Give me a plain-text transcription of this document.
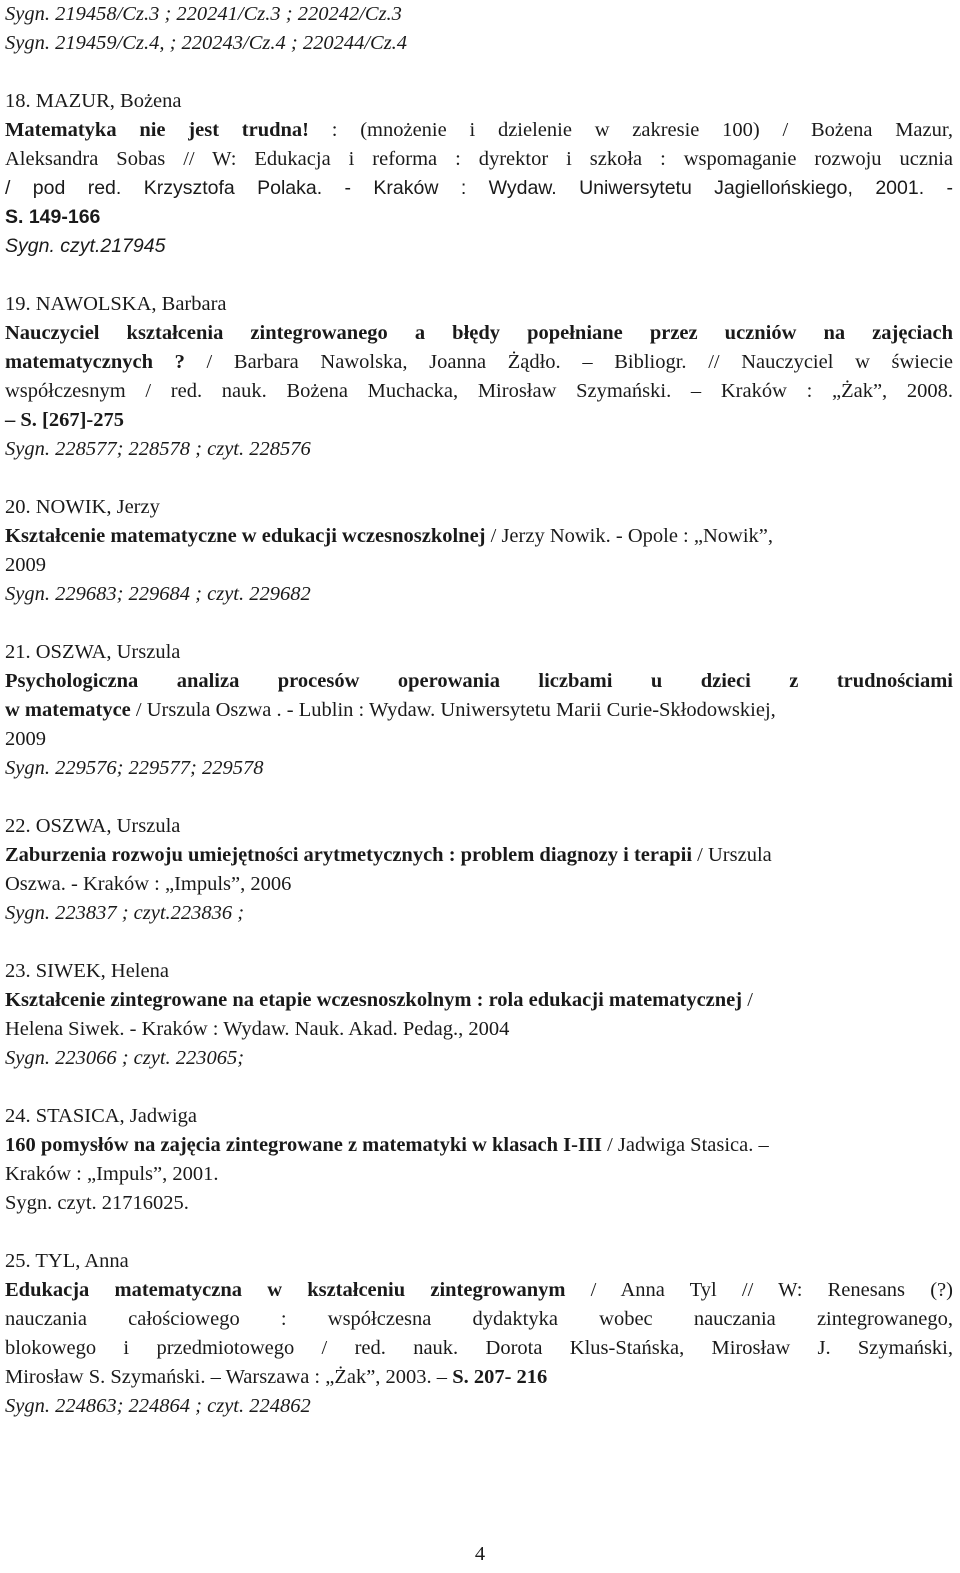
Sygn. 219458/Cz.3 ; 220241/Cz.3 ; 220242/Cz.3
Sygn. 219459/Cz.4, ; 220243/Cz.4 ; 220244/Cz.4
18. MAZUR, Bożena
Matematyka nie jest trudna! : (mnożenie i dzielenie w zakresie 100) / Bożena Mazur,
Aleksandra Sobas // W: Edukacja i reforma : dyrektor i szkoła : wspomaganie rozwoju ucznia
/ pod red. Krzysztofa Polaka. - Kraków : Wydaw. Uniwersytetu Jagiellońskiego, 2001. -
S. 149-166
Sygn. czyt.217945
19. NAWOLSKA, Barbara
Nauczyciel kształcenia zintegrowanego a błędy popełniane przez uczniów na zajęciach
matematycznych ? / Barbara Nawolska, Joanna Żądło. – Bibliogr. // Nauczyciel w świecie
współczesnym / red. nauk. Bożena Muchacka, Mirosław Szymański. – Kraków : „Żak”, 2008.
– S. [267]-275
Sygn. 228577; 228578 ; czyt. 228576
20. NOWIK, Jerzy
Kształcenie matematyczne w edukacji wczesnoszkolnej / Jerzy Nowik. - Opole : „Nowik”,
2009
Sygn. 229683; 229684 ; czyt. 229682
21. OSZWA, Urszula
Psychologiczna analiza procesów operowania liczbami u dzieci z trudnościami
w matematyce / Urszula Oszwa . - Lublin : Wydaw. Uniwersytetu Marii Curie-Skłodowskiej,
2009
Sygn. 229576; 229577; 229578
22. OSZWA, Urszula
Zaburzenia rozwoju umiejętności arytmetycznych : problem diagnozy i terapii / Urszula
Oszwa. - Kraków : „Impuls”, 2006
Sygn. 223837 ; czyt.223836 ;
23. SIWEK, Helena
Kształcenie zintegrowane na etapie wczesnoszkolnym : rola edukacji matematycznej /
Helena Siwek. - Kraków : Wydaw. Nauk. Akad. Pedag., 2004
Sygn. 223066 ; czyt. 223065;
24. STASICA, Jadwiga
160 pomysłów na zajęcia zintegrowane z matematyki w klasach I-III / Jadwiga Stasica. –
Kraków : „Impuls”, 2001.
Sygn. czyt. 21716025.
25. TYL, Anna
Edukacja matematyczna w kształceniu zintegrowanym / Anna Tyl // W: Renesans (?)
nauczania całościowego : współczesna dydaktyka wobec nauczania zintegrowanego,
blokowego i przedmiotowego / red. nauk. Dorota Klus-Stańska, Mirosław J. Szymański,
Mirosław S. Szymański. – Warszawa : „Żak”, 2003. – S. 207- 216
Sygn. 224863; 224864 ; czyt. 224862
4
